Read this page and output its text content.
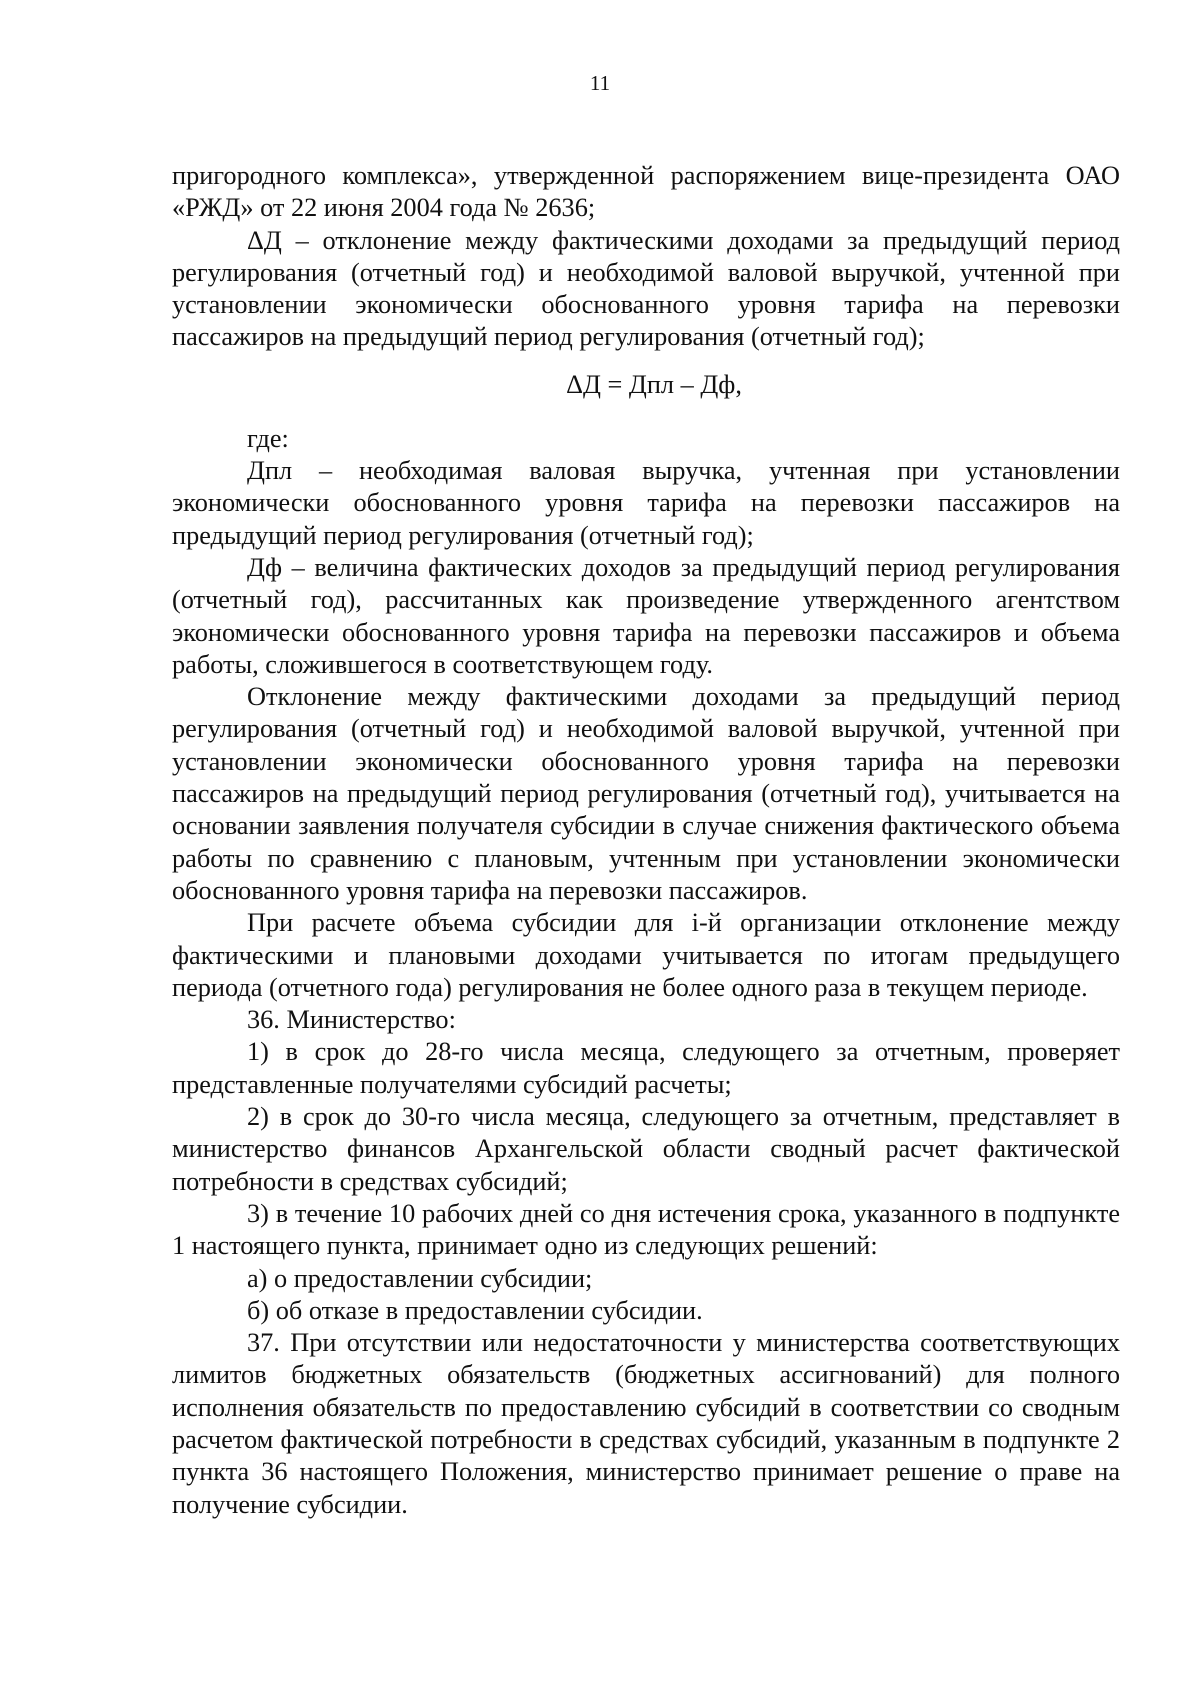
11

пригородного комплекса», утвержденной распоряжением вице-президента ОАО «РЖД» от 22 июня 2004 года № 2636;

ΔД – отклонение между фактическими доходами за предыдущий период регулирования (отчетный год) и необходимой валовой выручкой, учтенной при установлении экономически обоснованного уровня тарифа на перевозки пассажиров на предыдущий период регулирования (отчетный год);

ΔД = Дпл – Дф,

где:

Дпл – необходимая валовая выручка, учтенная при установлении экономически обоснованного уровня тарифа на перевозки пассажиров на предыдущий период регулирования (отчетный год);

Дф – величина фактических доходов за предыдущий период регулирования (отчетный год), рассчитанных как произведение утвержденного агентством экономически обоснованного уровня тарифа на перевозки пассажиров и объема работы, сложившегося в соответствующем году.

Отклонение между фактическими доходами за предыдущий период регулирования (отчетный год) и необходимой валовой выручкой, учтенной при установлении экономически обоснованного уровня тарифа на перевозки пассажиров на предыдущий период регулирования (отчетный год), учитывается на основании заявления получателя субсидии в случае снижения фактического объема работы по сравнению с плановым, учтенным при установлении экономически обоснованного уровня тарифа на перевозки пассажиров.

При расчете объема субсидии для i-й организации отклонение между фактическими и плановыми доходами учитывается по итогам предыдущего периода (отчетного года) регулирования не более одного раза в текущем периоде.

36. Министерство:

1) в срок до 28-го числа месяца, следующего за отчетным, проверяет представленные получателями субсидий расчеты;

2) в срок до 30-го числа месяца, следующего за отчетным, представляет в министерство финансов Архангельской области сводный расчет фактической потребности в средствах субсидий;

3) в течение 10 рабочих дней со дня истечения срока, указанного в подпункте 1 настоящего пункта, принимает одно из следующих решений:

а) о предоставлении субсидии;

б) об отказе в предоставлении субсидии.

37. При отсутствии или недостаточности у министерства соответствующих лимитов бюджетных обязательств (бюджетных ассигнований) для полного исполнения обязательств по предоставлению субсидий в соответствии со сводным расчетом фактической потребности в средствах субсидий, указанным в подпункте 2 пункта 36 настоящего Положения, министерство принимает решение о праве на получение субсидии.
